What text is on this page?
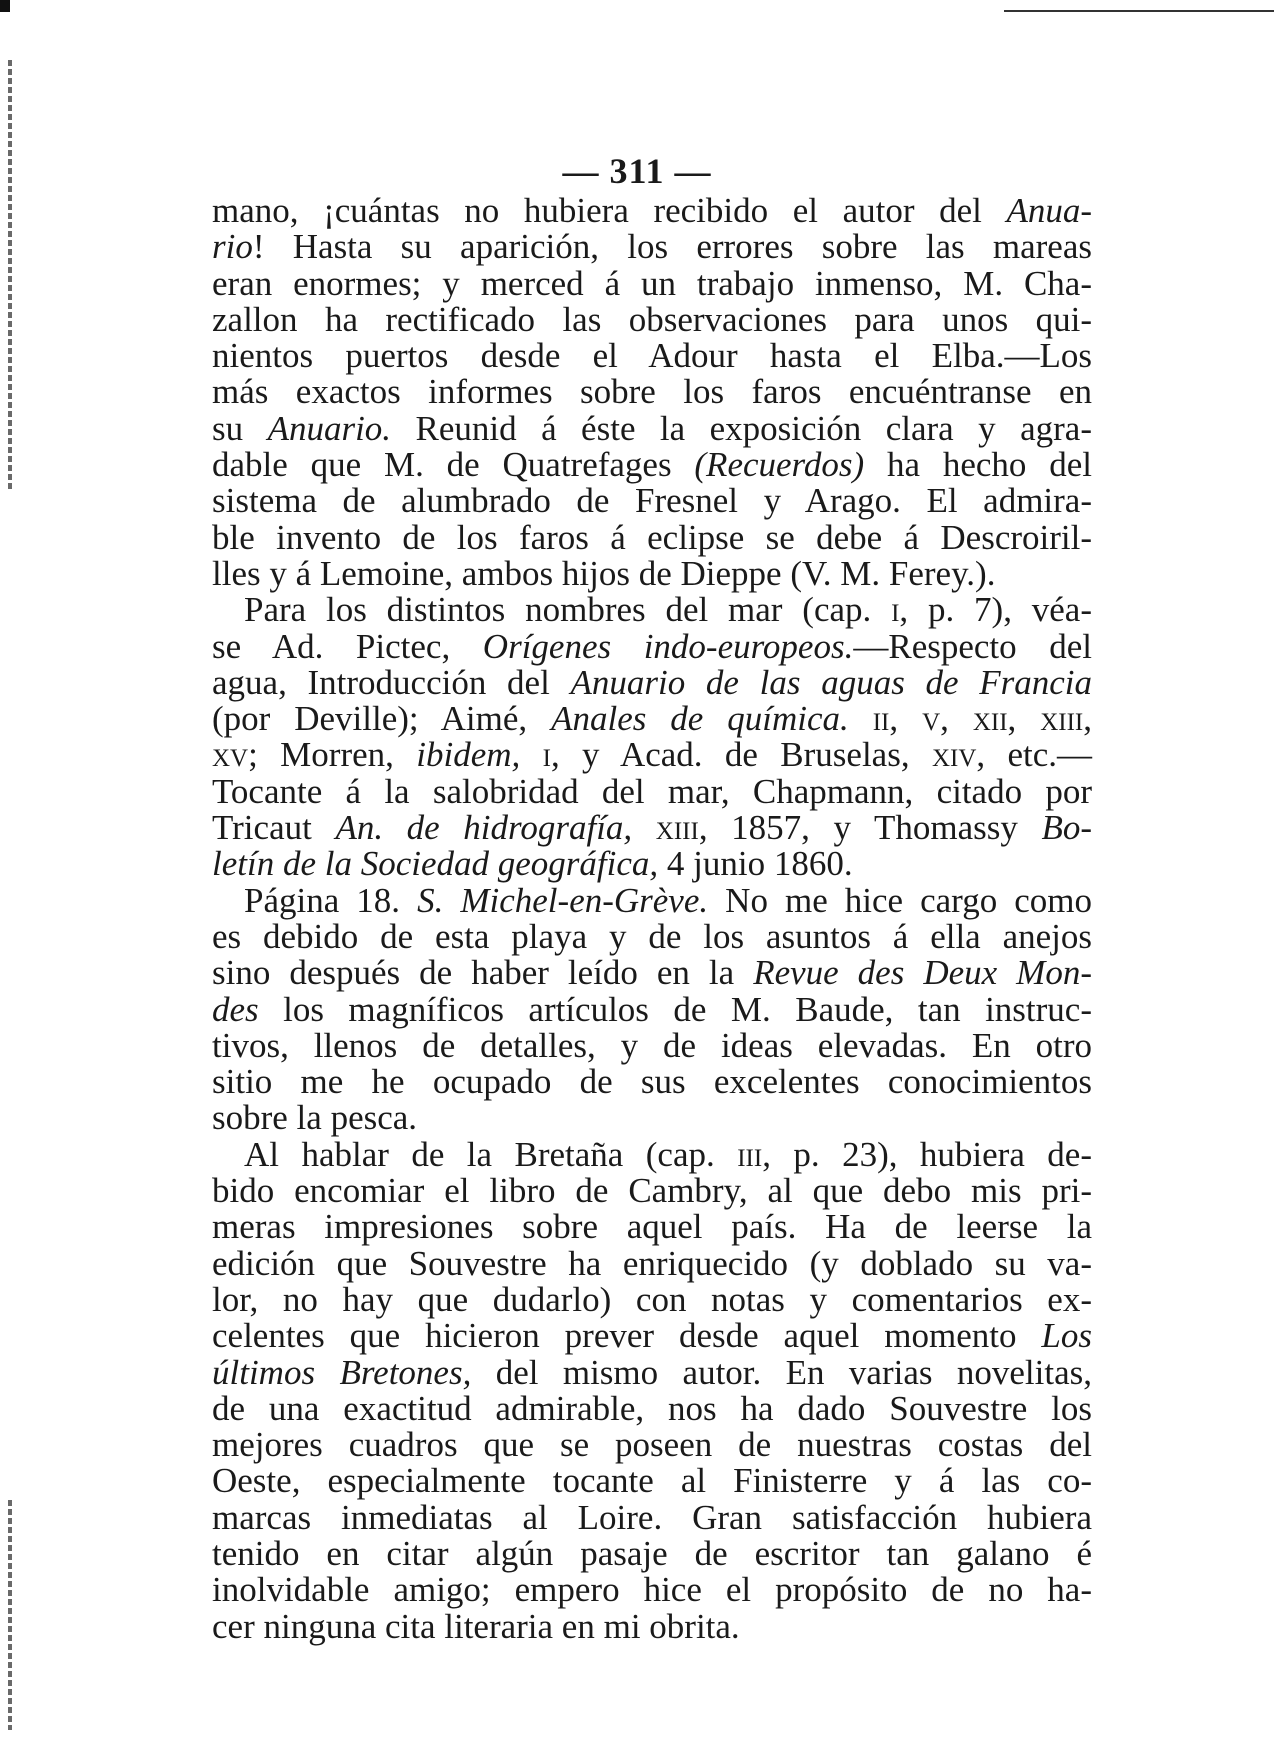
— 311 —
mano, ¡cuántas no hubiera recibido el autor del Anua-
rio! Hasta su aparición, los errores sobre las mareas
eran enormes; y merced á un trabajo inmenso, M. Cha-
zallon ha rectificado las observaciones para unos qui-
nientos puertos desde el Adour hasta el Elba.—Los
más exactos informes sobre los faros encuéntranse en
su Anuario. Reunid á éste la exposición clara y agra-
dable que M. de Quatrefages (Recuerdos) ha hecho del
sistema de alumbrado de Fresnel y Arago. El admira-
ble invento de los faros á eclipse se debe á Descroiril-
lles y á Lemoine, ambos hijos de Dieppe (V. M. Ferey.).
Para los distintos nombres del mar (cap. i, p. 7), véa-
se Ad. Pictec, Orígenes indo-europeos.—Respecto del
agua, Introducción del Anuario de las aguas de Francia
(por Deville); Aimé, Anales de química. ii, v, xii, xiii,
xv; Morren, ibidem, i, y Acad. de Bruselas, xiv, etc.—
Tocante á la salobridad del mar, Chapmann, citado por
Tricaut An. de hidrografía, xiii, 1857, y Thomassy Bo-
letín de la Sociedad geográfica, 4 junio 1860.
Página 18. S. Michel-en-Grève. No me hice cargo como
es debido de esta playa y de los asuntos á ella anejos
sino después de haber leído en la Revue des Deux Mon-
des los magníficos artículos de M. Baude, tan instruc-
tivos, llenos de detalles, y de ideas elevadas. En otro
sitio me he ocupado de sus excelentes conocimientos
sobre la pesca.
Al hablar de la Bretaña (cap. iii, p. 23), hubiera de-
bido encomiar el libro de Cambry, al que debo mis pri-
meras impresiones sobre aquel país. Ha de leerse la
edición que Souvestre ha enriquecido (y doblado su va-
lor, no hay que dudarlo) con notas y comentarios ex-
celentes que hicieron prever desde aquel momento Los
últimos Bretones, del mismo autor. En varias novelitas,
de una exactitud admirable, nos ha dado Souvestre los
mejores cuadros que se poseen de nuestras costas del
Oeste, especialmente tocante al Finisterre y á las co-
marcas inmediatas al Loire. Gran satisfacción hubiera
tenido en citar algún pasaje de escritor tan galano é
inolvidable amigo; empero hice el propósito de no ha-
cer ninguna cita literaria en mi obrita.
